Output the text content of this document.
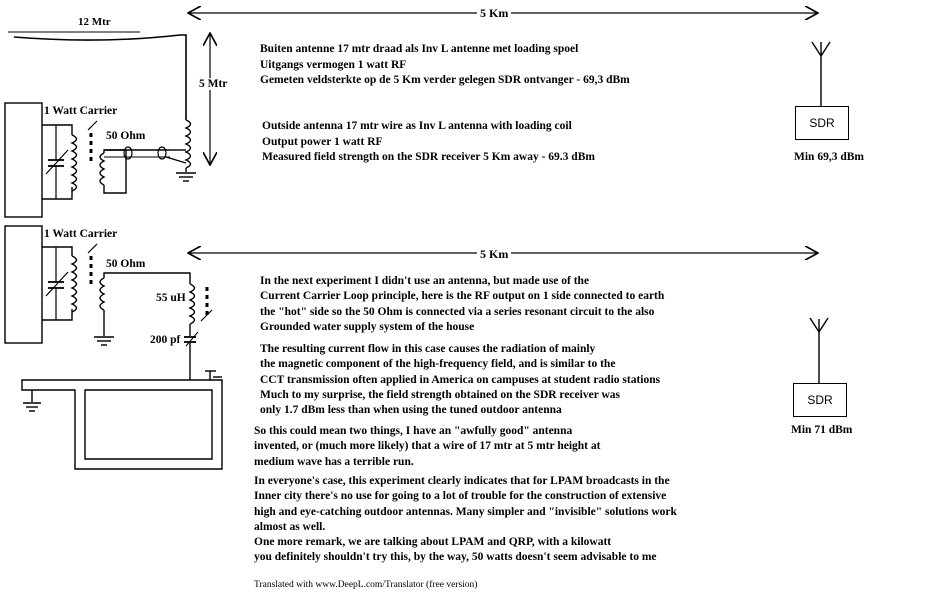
12 Mtr
5 Km
5 Mtr
1 Watt Carrier
50 Ohm
Buiten antenne 17 mtr draad als Inv L antenne met loading spoel
Uitgangs vermogen 1 watt RF
Gemeten veldsterkte op de 5 Km verder gelegen SDR ontvanger - 69,3 dBm
Outside antenna 17 mtr wire as Inv L antenna with loading coil
Output power 1 watt RF
Measured field strength on the SDR receiver 5 Km away - 69.3 dBm
SDR
Min 69,3 dBm
1 Watt Carrier
50 Ohm
5 Km
55 uH
200 pf
SDR
Min 71 dBm
In the next experiment I didn't use an antenna, but made use of the
Current Carrier Loop principle, here is the RF output on 1 side connected to earth
the "hot" side so the 50 Ohm is connected via a series resonant circuit to the also
Grounded water supply system of the house
The resulting current flow in this case causes the radiation of mainly
the magnetic component of the high-frequency field, and is similar to the
CCT transmission often applied in America on campuses at student radio stations
Much to my surprise, the field strength obtained on the SDR receiver was
only 1.7 dBm less than when using the tuned outdoor antenna
So this could mean two things, I have an "awfully good" antenna
invented, or (much more likely) that a wire of 17 mtr at 5 mtr height at
medium wave has a terrible run.
In everyone's case, this experiment clearly indicates that for LPAM broadcasts in the
Inner city there's no use for going to a lot of trouble for the construction of extensive
high and eye-catching outdoor antennas. Many simpler and "invisible" solutions work
almost as well.
One more remark, we are talking about LPAM and QRP, with a kilowatt
you definitely shouldn't try this, by the way, 50 watts doesn't seem advisable to me
Translated with www.DeepL.com/Translator (free version)
